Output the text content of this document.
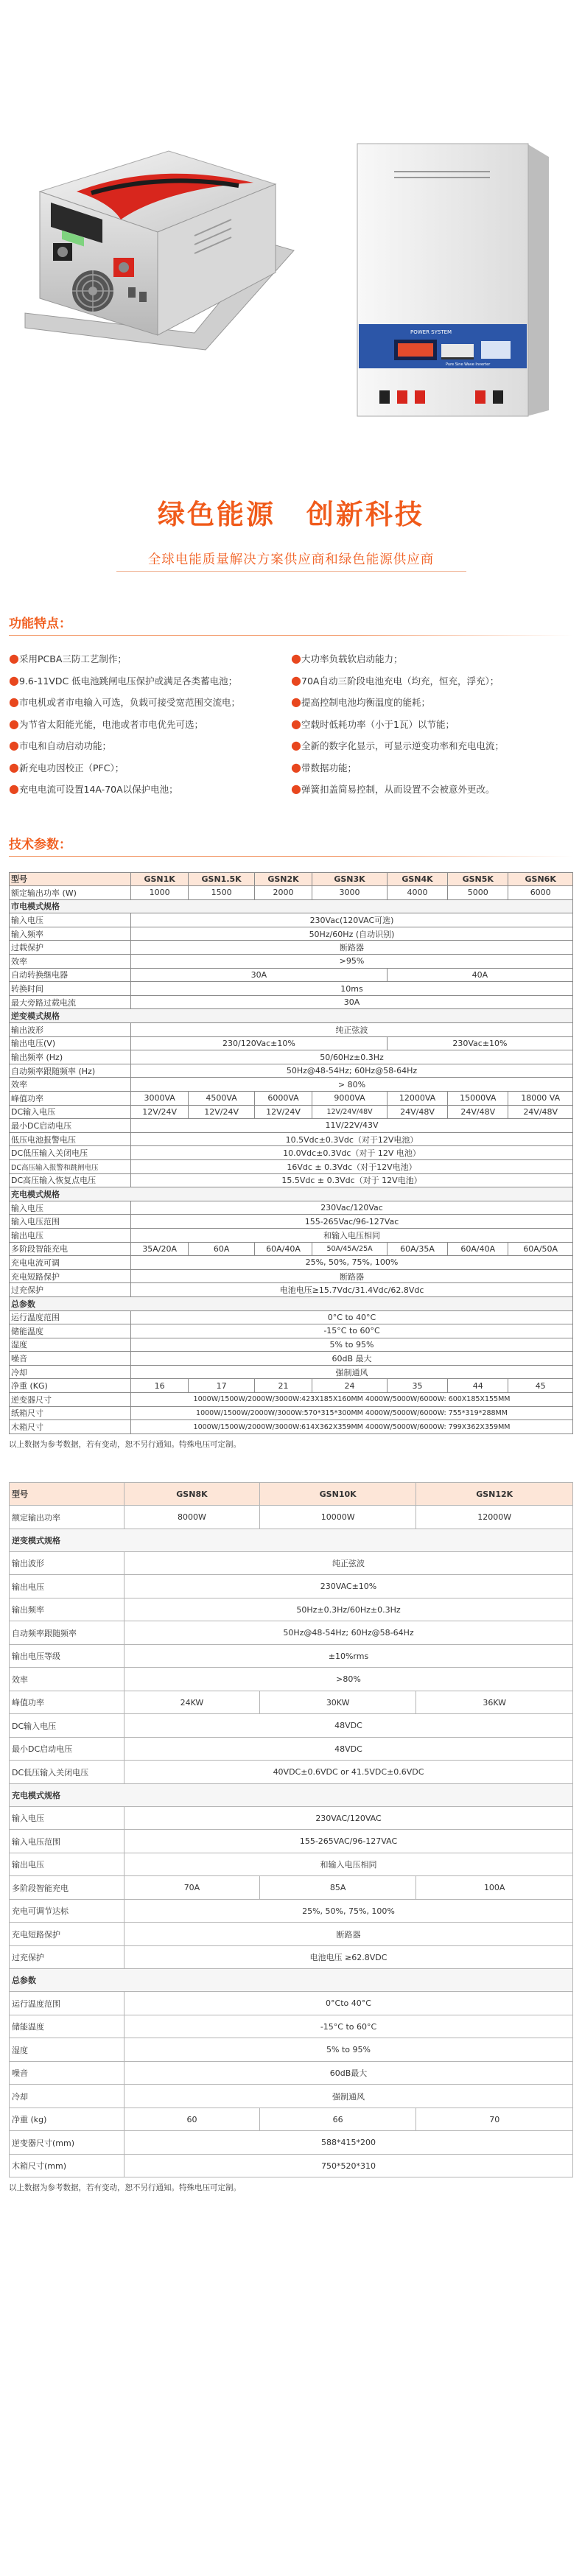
POWER SYSTEM
Pure Sine Wave Inverter
绿色能源 创新科技

全球电能质量解决方案供应商和绿色能源供应商

功能特点：
● 采用PCBA三防工艺制作；
● 9.6-11VDC 低电池跳闸电压保护或满足各类蓄电池；
● 市电机或者市电输入可选，负载可接受宽范围交流电；
● 为节省太阳能光能，电池或者市电优先可选；
● 市电和自动启动功能；
● 新充电功因校正（PFC）；
● 充电电流可设置14A-70A以保护电池；
● 大功率负载软启动能力；
● 70A自动三阶段电池充电（均充，恒充，浮充）；
● 提高控制电池均衡温度的能耗；
● 空载时低耗功率（小于1瓦）以节能；
● 全新的数字化显示，可显示逆变功率和充电电流；
● 带数据功能；
● 弹簧扣盖简易控制，从而设置不会被意外更改。
技术参数：
型号	GSN1K	GSN1.5K	GSN2K	GSN3K	GSN4K	GSN5K	GSN6K
额定输出功率 (W)	1000	1500	2000	3000	4000	5000	6000
市电模式规格							
输入电压	230Vac(120VAC可选)						
输入频率	50Hz/60Hz (自动识别)						
过载保护	断路器						
效率	>95%						
自动转换继电器	30A				40A		
转换时间	10ms						
最大旁路过载电流	30A						
逆变模式规格							
输出波形	纯正弦波						
输出电压(V)	230/120Vac±10%				230Vac±10%		
输出频率 (Hz)	50/60Hz±0.3Hz						
自动频率跟随频率 (Hz)	50Hz@48-54Hz; 60Hz@58-64Hz						
效率	> 80%						
峰值功率	3000VA	4500VA	6000VA	9000VA	12000VA	15000VA	18000 VA
DC输入电压	12V/24V	12V/24V	12V/24V	12V/24V/48V	24V/48V	24V/48V	24V/48V
最小DC启动电压	11V/22V/43V						
低压电池报警电压	10.5Vdc±0.3Vdc（对于12V电池）						
DC低压输入关闭电压	10.0Vdc±0.3Vdc（对于 12V 电池）						
DC高压输入报警和跳闸电压	16Vdc ± 0.3Vdc（对于12V电池）						
DC高压输入恢复点电压	15.5Vdc ± 0.3Vdc（对于 12V电池）						
充电模式规格							
输入电压	230Vac/120Vac						
输入电压范围	155-265Vac/96-127Vac						
输出电压	和输入电压相同						
多阶段智能充电	35A/20A	60A	60A/40A	50A/45A/25A	60A/35A	60A/40A	60A/50A
充电电流可调	25%, 50%, 75%, 100%						
充电短路保护	断路器						
过充保护	电池电压≥15.7Vdc/31.4Vdc/62.8Vdc						
总参数							
运行温度范围	0°C to 40°C						
储能温度	-15°C to 60°C						
湿度	5% to 95%						
噪音	60dB 最大						
冷却	强制通风						
净重 (KG)	16	17	21	24	35	44	45
逆变器尺寸	1000W/1500W/2000W/3000W:423X185X160MM 4000W/5000W/6000W: 600X185X155MM						
纸箱尺寸	1000W/1500W/2000W/3000W:570*315*300MM 4000W/5000W/6000W: 755*319*288MM						
木箱尺寸	1000W/1500W/2000W/3000W:614X362X359MM 4000W/5000W/6000W: 799X362X359MM						
以上数据为参考数据，若有变动，恕不另行通知。特殊电压可定制。
型号	GSN8K	GSN10K	GSN12K
额定输出功率	8000W	10000W	12000W
逆变模式规格			
输出波形	纯正弦波		
输出电压	230VAC±10%		
输出频率	50Hz±0.3Hz/60Hz±0.3Hz		
自动频率跟随频率	50Hz@48-54Hz; 60Hz@58-64Hz		
输出电压等级	±10%rms		
效率	>80%		
峰值功率	24KW	30KW	36KW
DC输入电压	48VDC		
最小DC启动电压	48VDC		
DC低压输入关闭电压	40VDC±0.6VDC or 41.5VDC±0.6VDC		
充电模式规格			
输入电压	230VAC/120VAC		
输入电压范围	155-265VAC/96-127VAC		
输出电压	和输入电压相同		
多阶段智能充电	70A	85A	100A
充电可调节达标	25%, 50%, 75%, 100%		
充电短路保护	断路器		
过充保护	电池电压 ≥62.8VDC		
总参数			
运行温度范围	0°Cto 40°C		
储能温度	-15°C to 60°C		
湿度	5% to 95%		
噪音	60dB最大		
冷却	强制通风		
净重 (kg)	60	66	70
逆变器尺寸(mm)	588*415*200		
木箱尺寸(mm)	750*520*310		
以上数据为参考数据，若有变动，恕不另行通知。特殊电压可定制。
